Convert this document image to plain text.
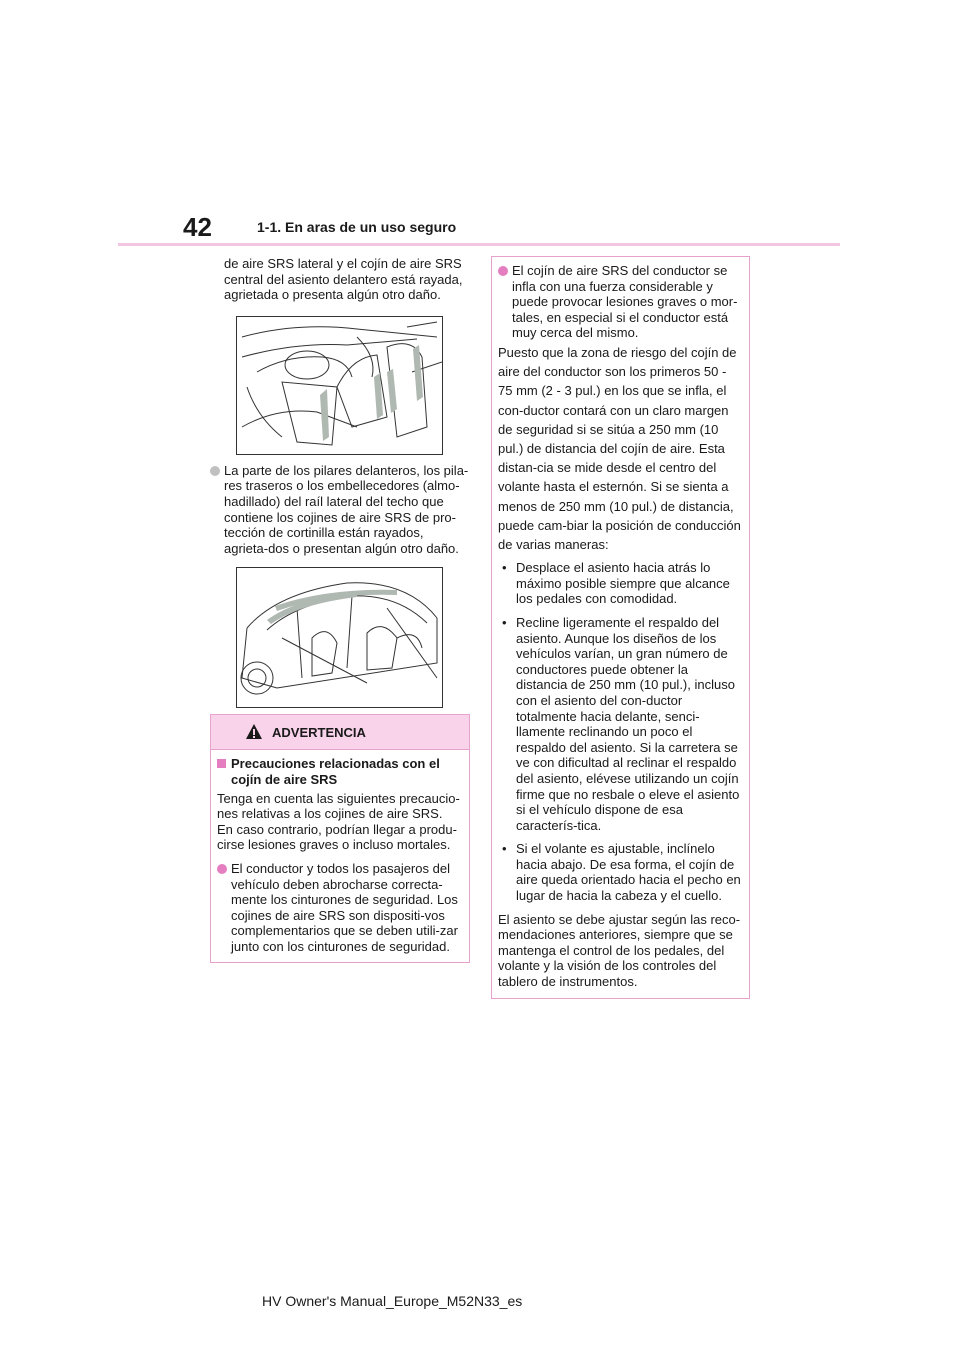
42	1-1. En aras de un uso seguro

de aire SRS lateral y el cojín de aire SRS central del asiento delantero está rayada, agrietada o presenta algún otro daño.

La parte de los pilares delanteros, los pila-res traseros o los embellecedores (almo-hadillado) del raíl lateral del techo que contiene los cojines de aire SRS de pro-tección de cortinilla están rayados, agrieta-dos o presentan algún otro daño.
ADVERTENCIA
Precauciones relacionadas con el cojín de aire SRS

Tenga en cuenta las siguientes precaucio-nes relativas a los cojines de aire SRS. En caso contrario, podrían llegar a produ-cirse lesiones graves o incluso mortales.

El conductor y todos los pasajeros del vehículo deben abrocharse correcta-mente los cinturones de seguridad. Los cojines de aire SRS son dispositi-vos complementarios que se deben utili-zar junto con los cinturones de seguridad.
El cojín de aire SRS del conductor se infla con una fuerza considerable y puede provocar lesiones graves o mor-tales, en especial si el conductor está muy cerca del mismo.

Puesto que la zona de riesgo del cojín de aire del conductor son los primeros 50 - 75 mm (2 - 3 pul.) en los que se infla, el con-ductor contará con un claro margen de seguridad si se sitúa a 250 mm (10 pul.) de distancia del cojín de aire. Esta distan-cia se mide desde el centro del volante hasta el esternón. Si se sienta a menos de 250 mm (10 pul.) de distancia, puede cam-biar la posición de conducción de varias maneras:

• Desplace el asiento hacia atrás lo máximo posible siempre que alcance los pedales con comodidad.
• Recline ligeramente el respaldo del asiento. Aunque los diseños de los vehículos varían, un gran número de conductores puede obtener la distancia de 250 mm (10 pul.), incluso con el asiento del con-ductor totalmente hacia delante, senci-llamente reclinando un poco el respaldo del asiento. Si la carretera se ve con dificultad al reclinar el respaldo del asiento, elévese utilizando un cojín firme que no resbale o eleve el asiento si el vehículo dispone de esa caracterís-tica.
• Si el volante es ajustable, inclínelo hacia abajo. De esa forma, el cojín de aire queda orientado hacia el pecho en lugar de hacia la cabeza y el cuello.

El asiento se debe ajustar según las reco-mendaciones anteriores, siempre que se mantenga el control de los pedales, del volante y la visión de los controles del tablero de instrumentos.

HV Owner's Manual_Europe_M52N33_es
